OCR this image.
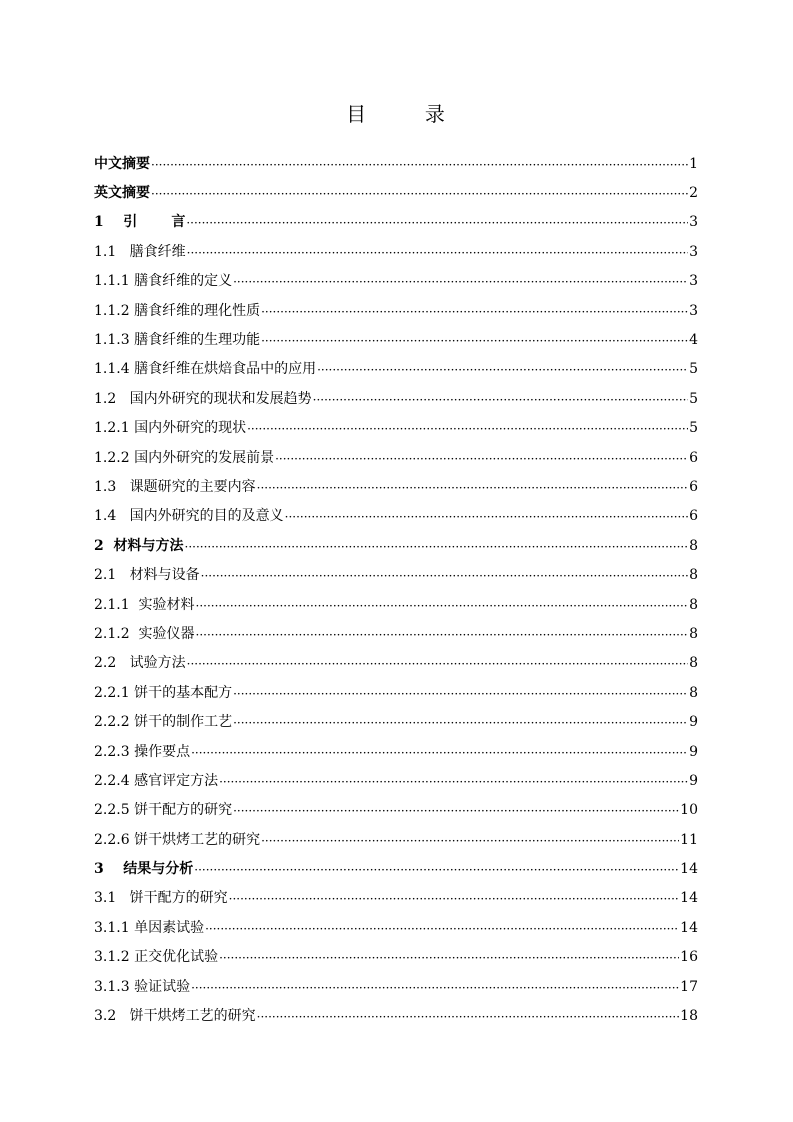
目	录
中文摘要 ·····	1
英文摘要 ·····	2
1    引       言 ·····	3
1.1   膳食纤维 ·····	3
1.1.1 膳食纤维的定义 ·····	3
1.1.2 膳食纤维的理化性质 ·····	3
1.1.3 膳食纤维的生理功能 ·····	4
1.1.4 膳食纤维在烘焙食品中的应用 ·····	5
1.2   国内外研究的现状和发展趋势 ·····	5
1.2.1 国内外研究的现状 ·····	5
1.2.2 国内外研究的发展前景 ·····	6
1.3   课题研究的主要内容 ·····	6
1.4   国内外研究的目的及意义 ·····	6
2  材料与方法 ·····	8
2.1   材料与设备 ·····	8
2.1.1  实验材料 ·····	8
2.1.2  实验仪器 ·····	8
2.2   试验方法 ·····	8
2.2.1 饼干的基本配方 ·····	8
2.2.2 饼干的制作工艺 ·····	9
2.2.3 操作要点 ·····	9
2.2.4 感官评定方法 ·····	9
2.2.5 饼干配方的研究 ·····	10
2.2.6 饼干烘烤工艺的研究 ·····	11
3    结果与分析 ·····	14
3.1   饼干配方的研究 ·····	14
3.1.1 单因素试验 ·····	14
3.1.2 正交优化试验 ·····	16
3.1.3 验证试验 ·····	17
3.2   饼干烘烤工艺的研究 ·····	18
